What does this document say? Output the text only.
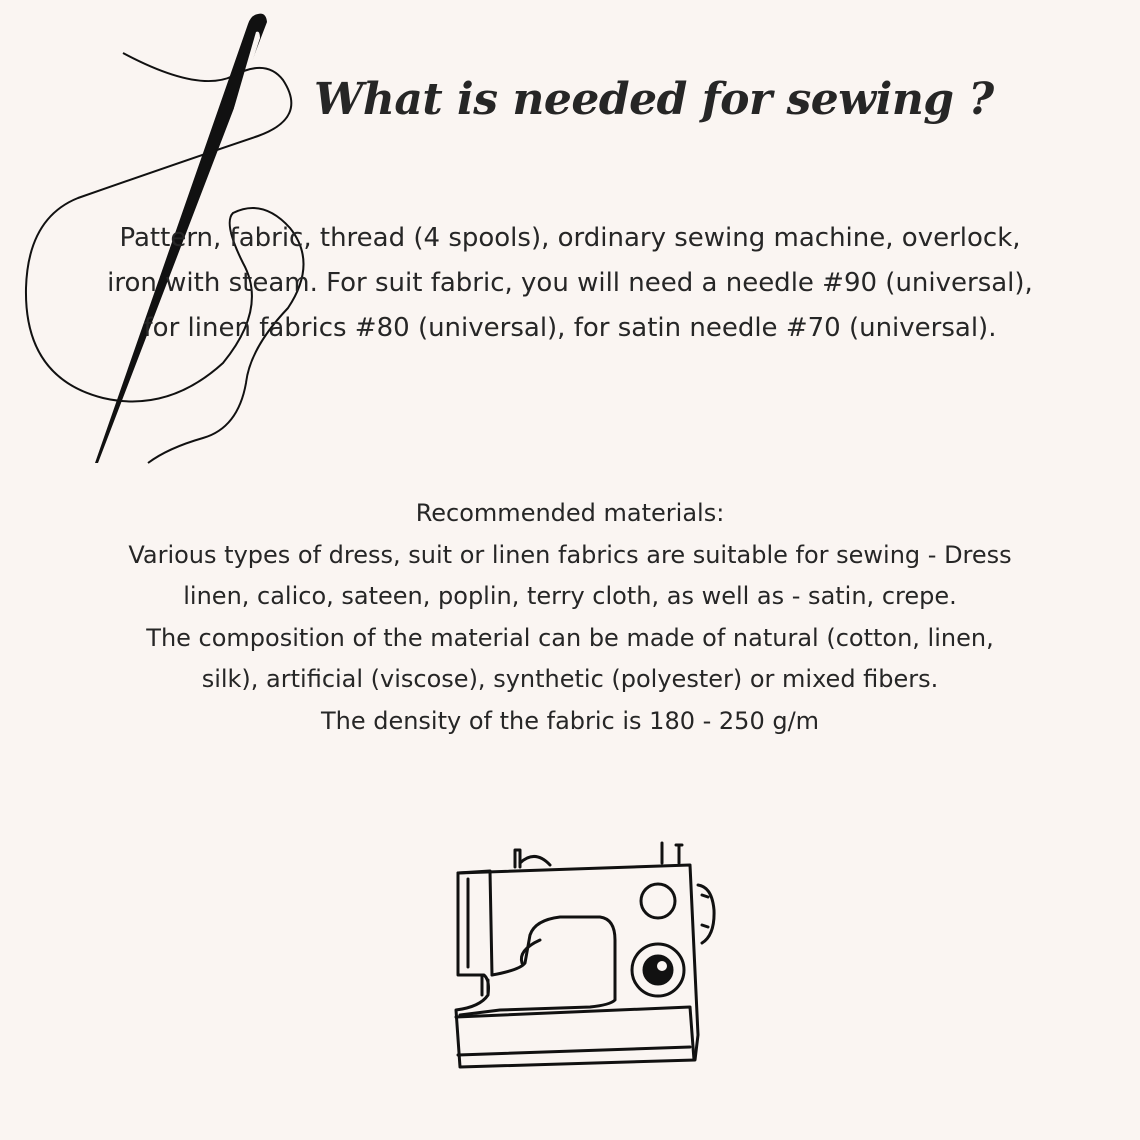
What is needed for sewing ?

Pattern, fabric, thread (4 spools), ordinary sewing machine, overlock,
iron with steam. For suit fabric, you will need a needle #90 (universal),
for linen fabrics #80 (universal), for satin needle #70 (universal).

Recommended materials:
Various types of dress, suit or linen fabrics are suitable for sewing - Dress
linen, calico, sateen, poplin, terry cloth, as well as - satin, crepe.
The composition of the material can be made of natural (cotton, linen,
silk), artificial (viscose), synthetic (polyester) or mixed fibers.
The density of the fabric is 180 - 250 g/m
